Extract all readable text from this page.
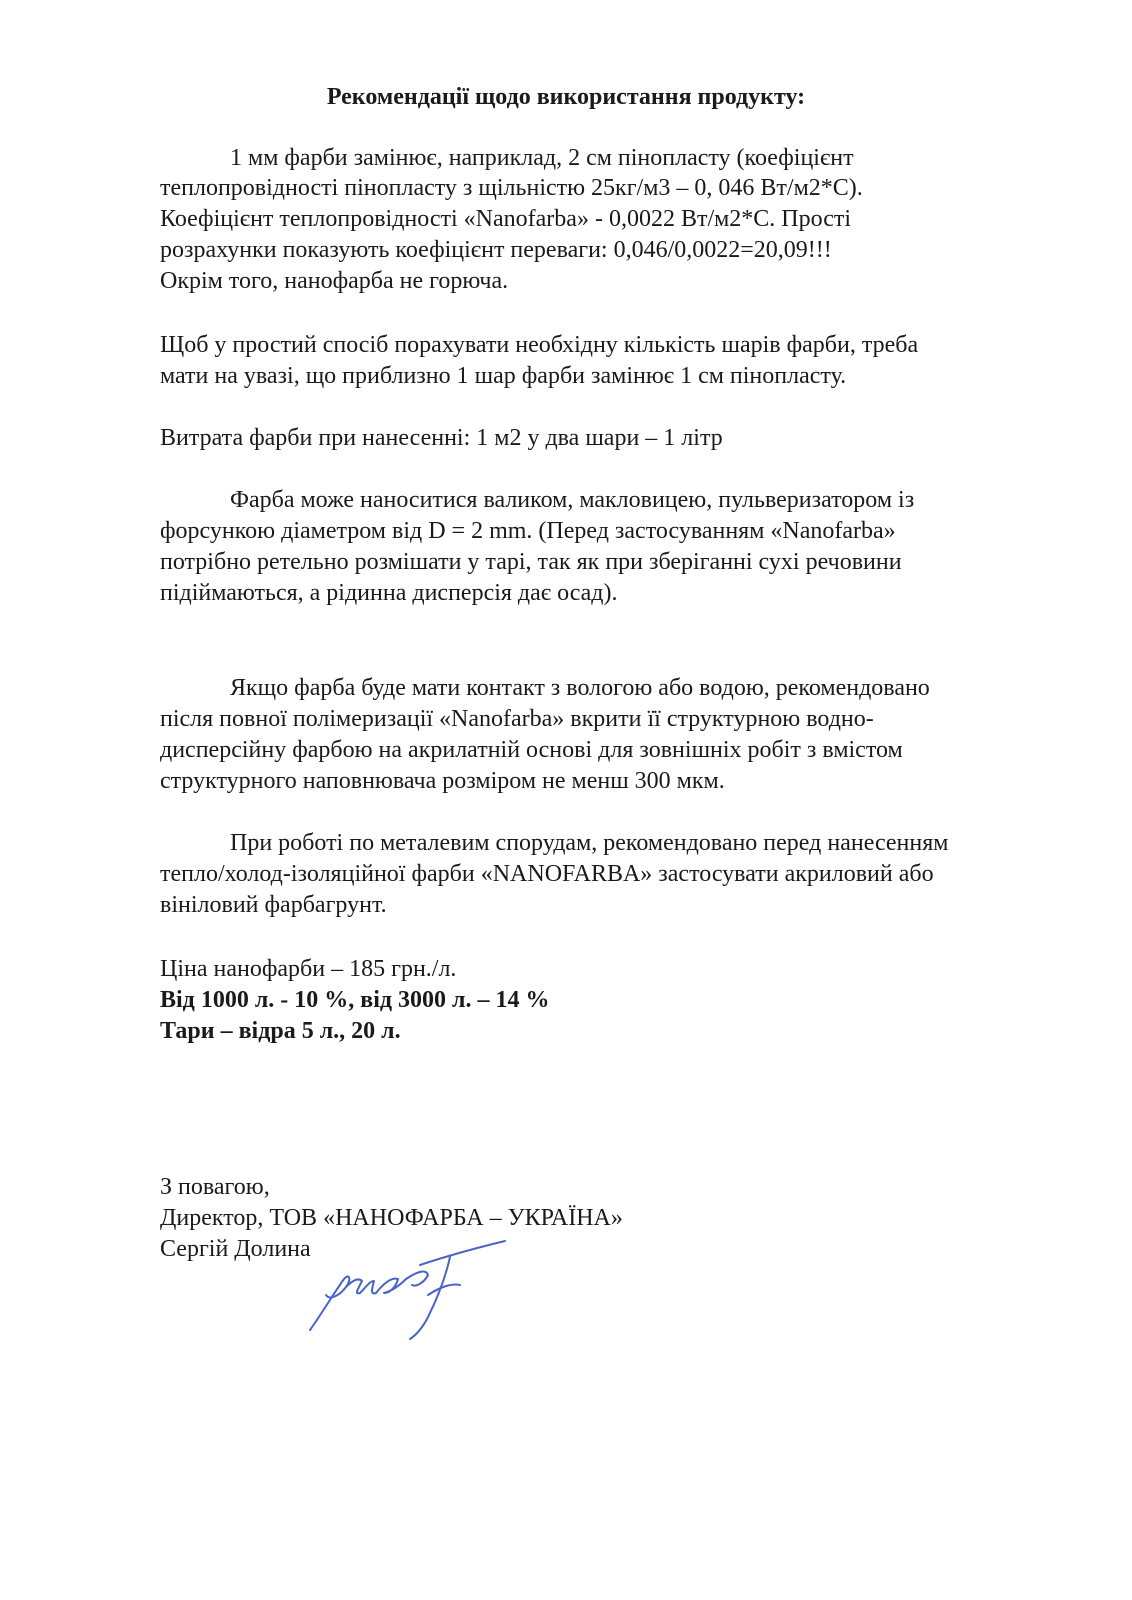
Рекомендації щодо використання продукту:

1 мм фарби замінює, наприклад, 2 см пінопласту (коефіцієнт

теплопровідності пінопласту з щільністю 25кг/м3 – 0, 046 Вт/м2*С).

Коефіцієнт теплопровідності «Nanofarba» - 0,0022 Вт/м2*С. Прості

розрахунки показують коефіцієнт переваги: 0,046/0,0022=20,09!!!

Окрім того, нанофарба не горюча.

Щоб у простий спосіб порахувати необхідну кількість шарів фарби, треба

мати на увазі, що приблизно 1 шар фарби замінює 1 см пінопласту.

Витрата фарби при нанесенні: 1 м2 у два шари – 1 літр

Фарба може наноситися валиком, макловицею, пульверизатором із

форсункою діаметром від D = 2 mm. (Перед застосуванням «Nanofarba»

потрібно ретельно розмішати у тарі, так як при зберіганні сухі речовини

підіймаються, а рідинна дисперсія дає осад).

Якщо фарба буде мати контакт з вологою або водою, рекомендовано

після повної полімеризації «Nanofarba» вкрити її структурною водно-

дисперсійну фарбою на акрилатній основі для зовнішніх робіт з вмістом

структурного наповнювача розміром не менш 300 мкм.

При роботі по металевим спорудам, рекомендовано перед нанесенням

тепло/холод-ізоляційної фарби «NANOFARBA» застосувати акриловий або

вініловий фарбагрунт.

Ціна нанофарби – 185 грн./л.

Від 1000 л. - 10 %, від 3000 л. – 14 %

Тари – відра 5 л., 20 л.

З повагою,

Директор, ТОВ «НАНОФАРБА – УКРАЇНА»

Сергій Долина
